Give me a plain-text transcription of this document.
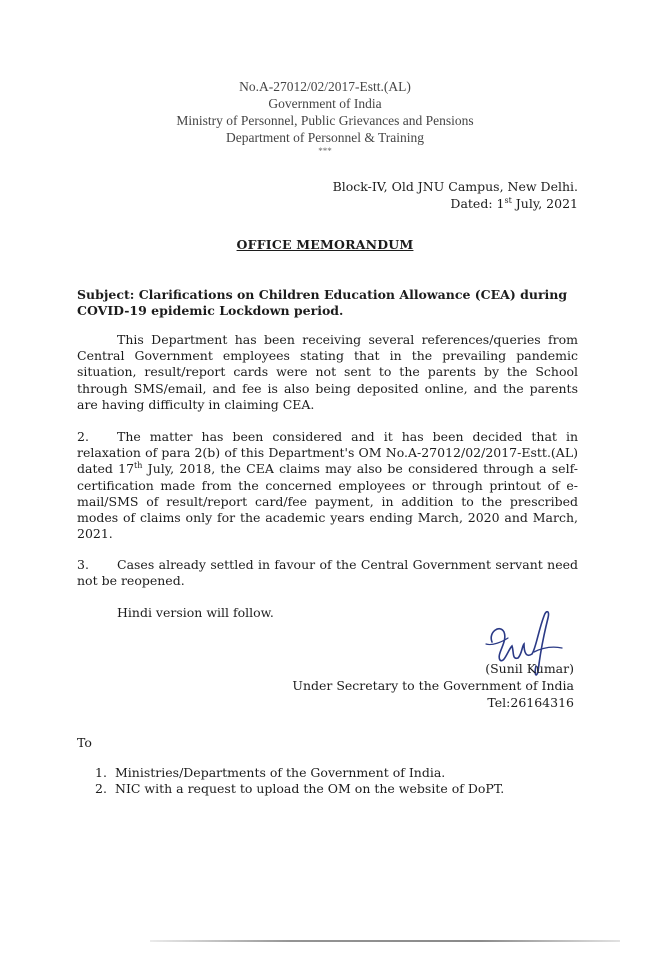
No.A-27012/02/2017-Estt.(AL)
Government of India
Ministry of Personnel, Public Grievances and Pensions
Department of Personnel & Training
***
Block-IV, Old JNU Campus, New Delhi.
Dated: 1st July, 2021
OFFICE MEMORANDUM
Subject: Clarifications on Children Education Allowance (CEA) during COVID-19 epidemic Lockdown period.
This Department has been receiving several references/queries from Central Government employees stating that in the prevailing pandemic situation, result/report cards were not sent to the parents by the School through SMS/email, and fee is also being deposited online, and the parents are having difficulty in claiming CEA.
2. The matter has been considered and it has been decided that in relaxation of para 2(b) of this Department's OM No.A-27012/02/2017-Estt.(AL) dated 17th July, 2018, the CEA claims may also be considered through a self-certification made from the concerned employees or through printout of e-mail/SMS of result/report card/fee payment, in addition to the prescribed modes of claims only for the academic years ending March, 2020 and March, 2021.
3. Cases already settled in favour of the Central Government servant need not be reopened.
Hindi version will follow.
(Sunil Kumar)
Under Secretary to the Government of India
Tel:26164316
To
1. Ministries/Departments of the Government of India.
2. NIC with a request to upload the OM on the website of DoPT.
